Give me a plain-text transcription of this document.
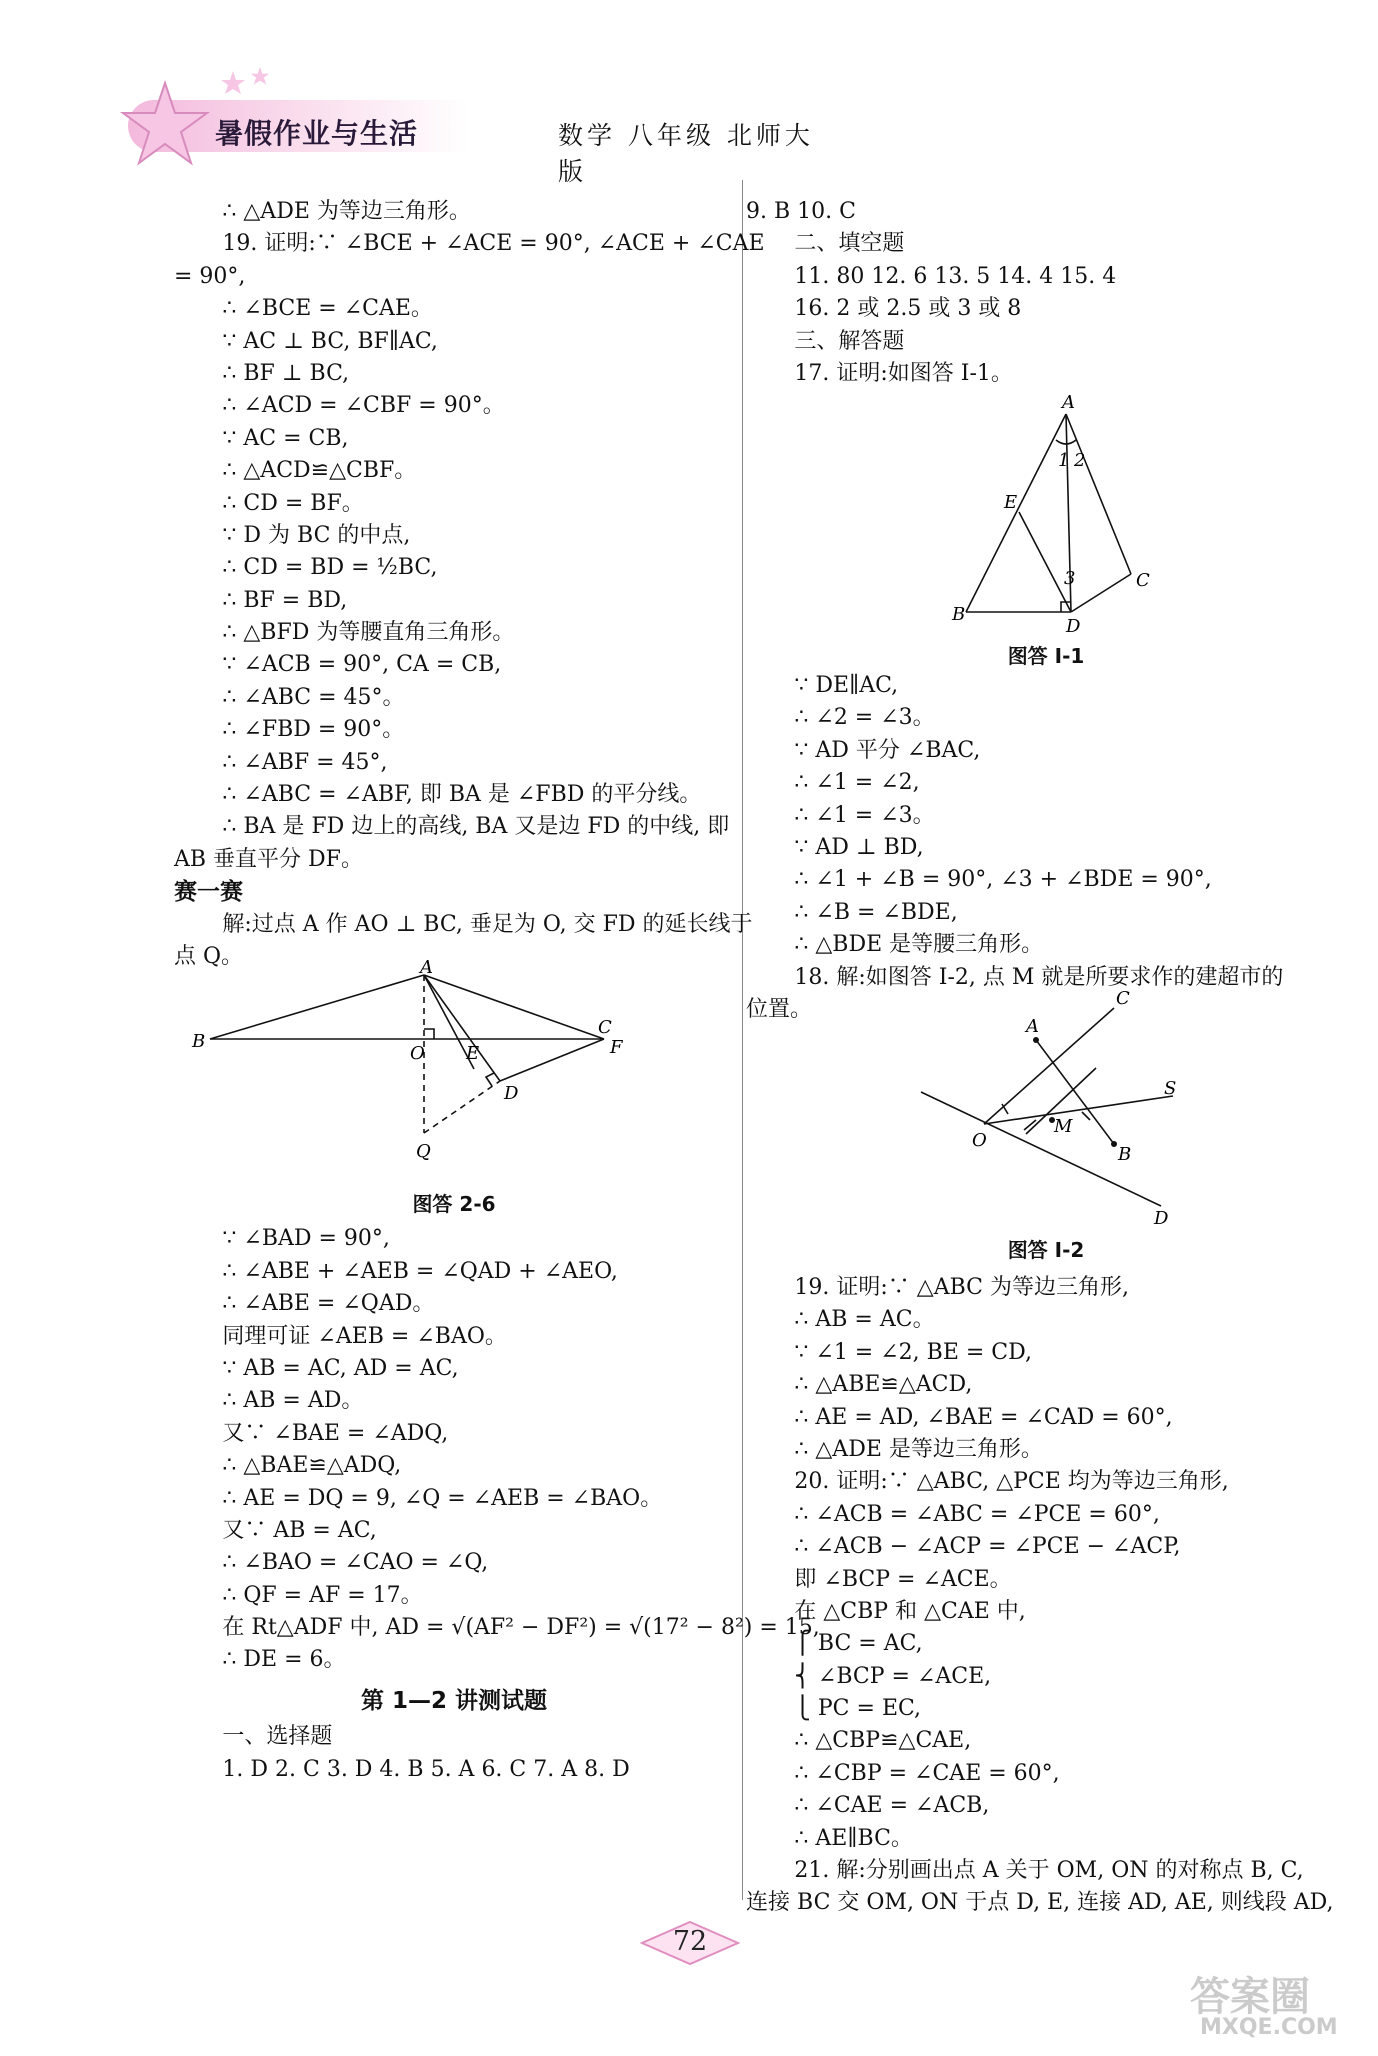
暑假作业与生活	数学 八年级 北师大版
∴ △ADE 为等边三角形。
19. 证明:∵ ∠BCE + ∠ACE = 90°, ∠ACE + ∠CAE
= 90°,
∴ ∠BCE = ∠CAE。
∵ AC ⊥ BC, BF∥AC,
∴ BF ⊥ BC,
∴ ∠ACD = ∠CBF = 90°。
∵ AC = CB,
∴ △ACD≌△CBF。
∴ CD = BF。
∵ D 为 BC 的中点,
∴ CD = BD = ½BC,
∴ BF = BD,
∴ △BFD 为等腰直角三角形。
∵ ∠ACB = 90°, CA = CB,
∴ ∠ABC = 45°。
∴ ∠FBD = 90°。
∴ ∠ABF = 45°,
∴ ∠ABC = ∠ABF, 即 BA 是 ∠FBD 的平分线。
∴ BA 是 FD 边上的高线, BA 又是边 FD 的中线, 即
AB 垂直平分 DF。
赛一赛
解:过点 A 作 AO ⊥ BC, 垂足为 O, 交 FD 的延长线于
点 Q。	A
B
O E
C
F
D
Q
图答 2-6
∵ ∠BAD = 90°,
∴ ∠ABE + ∠AEB = ∠QAD + ∠AEO,
∴ ∠ABE = ∠QAD。
同理可证 ∠AEB = ∠BAO。
∵ AB = AC, AD = AC,
∴ AB = AD。
又∵ ∠BAE = ∠ADQ,
∴ △BAE≌△ADQ,
∴ AE = DQ = 9, ∠Q = ∠AEB = ∠BAO。
又∵ AB = AC,
∴ ∠BAO = ∠CAO = ∠Q,
∴ QF = AF = 17。
在 Rt△ADF 中, AD = √(AF² − DF²) = √(17² − 8²) = 15,
∴ DE = 6。
第 1—2 讲测试题
一、选择题
1. D 2. C 3. D 4. B 5. A 6. C 7. A 8. D
9. B 10. C
二、填空题
11. 80 12. 6 13. 5 14. 4 15. 4
16. 2 或 2.5 或 3 或 8
三、解答题
17. 证明:如图答 Ⅰ-1。
∵ DE∥AC,
∴ ∠2 = ∠3。
∵ AD 平分 ∠BAC,
∴ ∠1 = ∠2,
∴ ∠1 = ∠3。
∵ AD ⊥ BD,
∴ ∠1 + ∠B = 90°, ∠3 + ∠BDE = 90°,
∴ ∠B = ∠BDE,
∴ △BDE 是等腰三角形。
18. 解:如图答 Ⅰ-2, 点 M 就是所要求作的建超市的
位置。
19. 证明:∵ △ABC 为等边三角形,
∴ AB = AC。
∵ ∠1 = ∠2, BE = CD,
∴ △ABE≌△ACD,
∴ AE = AD, ∠BAE = ∠CAD = 60°,
∴ △ADE 是等边三角形。
20. 证明:∵ △ABC, △PCE 均为等边三角形,
∴ ∠ACB = ∠ABC = ∠PCE = 60°,
∴ ∠ACB − ∠ACP = ∠PCE − ∠ACP,
即 ∠BCP = ∠ACE。
在 △CBP 和 △CAE 中,
⎧ BC = AC,
⎨ ∠BCP = ∠ACE,
⎩ PC = EC,
∴ △CBP≌△CAE,
∴ ∠CBP = ∠CAE = 60°,
∴ ∠CAE = ∠ACB,
∴ AE∥BC。
21. 解:分别画出点 A 关于 OM, ON 的对称点 B, C,
连接 BC 交 OM, ON 于点 D, E, 连接 AD, AE, 则线段 AD,
A
1 2
E
3	C
B
D
图答 Ⅰ-1
C
A
S
O
M
B
D
图答 Ⅰ-2
72
答案圈
MXQE.COM
